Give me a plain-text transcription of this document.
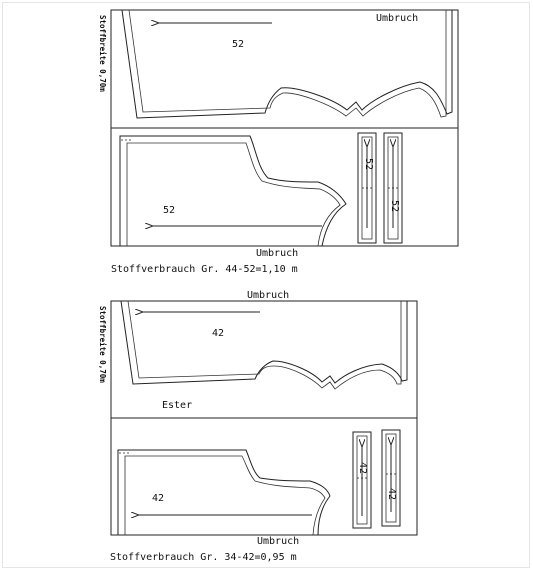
Umbruch
Stoffbreite 0,70m	52
52
52
52
Umbruch
Stoffverbrauch Gr. 44-52=1,10 m
Umbruch
Stoffbreite 0,70m	42
Ester
42
42
42
Umbruch
Stoffverbrauch Gr. 34-42=0,95 m
